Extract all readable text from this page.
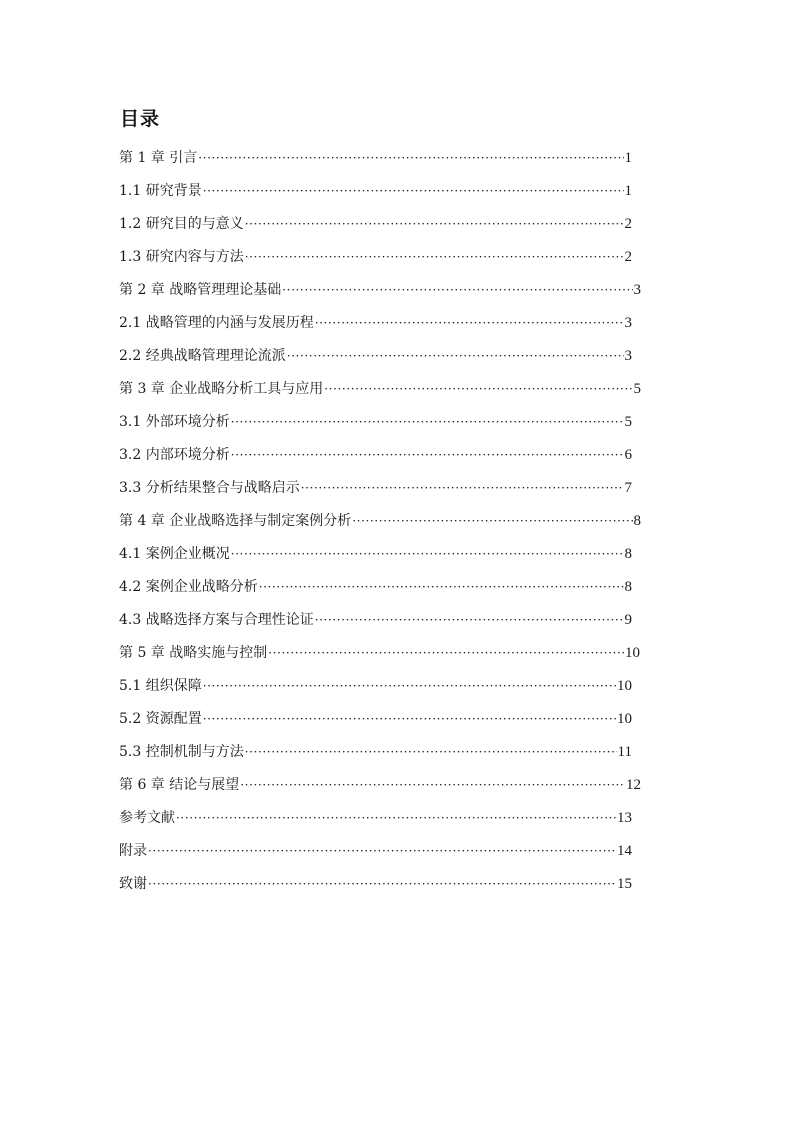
目录
第 1 章 引言 ·····	1
1.1 研究背景 ·····	1
1.2 研究目的与意义 ·····	2
1.3 研究内容与方法 ·····	2
第 2 章 战略管理理论基础 ·····	3
2.1 战略管理的内涵与发展历程 ·····	3
2.2 经典战略管理理论流派 ·····	3
第 3 章 企业战略分析工具与应用 ·····	5
3.1 外部环境分析 ·····	5
3.2 内部环境分析 ·····	6
3.3 分析结果整合与战略启示 ·····	7
第 4 章 企业战略选择与制定案例分析 ·····	8
4.1 案例企业概况 ·····	8
4.2 案例企业战略分析 ·····	8
4.3 战略选择方案与合理性论证 ·····	9
第 5 章 战略实施与控制 ·····	10
5.1 组织保障 ·····	10
5.2 资源配置 ·····	10
5.3 控制机制与方法 ·····	11
第 6 章 结论与展望 ·····	12
参考文献 ·····	13
附录 ·····	14
致谢 ·····	15
